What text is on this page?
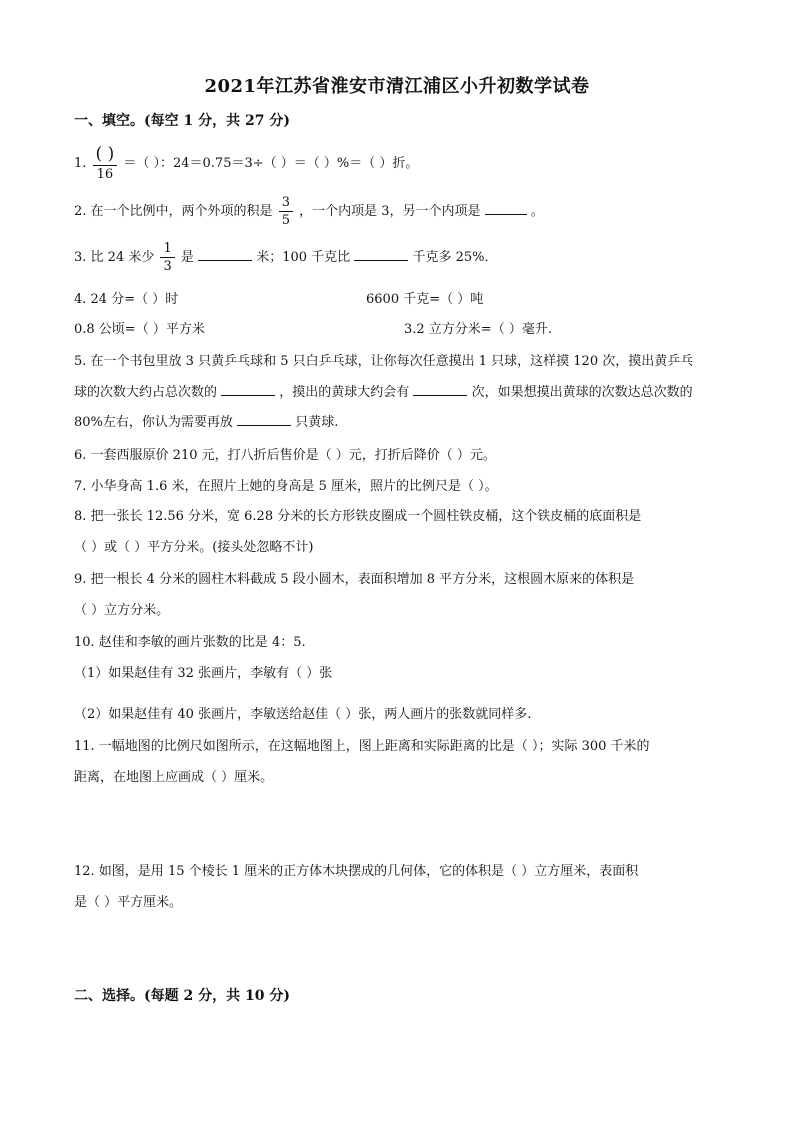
2021年江苏省淮安市清江浦区小升初数学试卷
一、填空。(每空 1 分，共 27 分)
1. $\frac{( )}{16}$ ＝（ ）：24＝0.75＝3÷（ ）＝（ ）%＝（ ）折。
2. 在一个比例中，两个外项的积是 $\frac{3}{5}$ ，一个内项是 3，另一个内项是	。
3. 比 24 米少 $\frac{1}{3}$ 是	米；100 千克比	千克多 25%．
4. 24 分=（ ）时	6600 千克=（ ）吨
0.8 公顷=（ ）平方米	3.2 立方分米=（ ）毫升.
5. 在一个书包里放 3 只黄乒乓球和 5 只白乒乓球，让你每次任意摸出 1 只球，这样摸 120 次，摸出黄乒乓
球的次数大约占总次数的	，摸出的黄球大约会有	次，如果想摸出黄球的次数达总次数的
80%左右，你认为需要再放	只黄球.
6. 一套西服原价 210 元，打八折后售价是（ ）元，打折后降价（ ）元。
7. 小华身高 1.6 米，在照片上她的身高是 5 厘米，照片的比例尺是（ ）。
8. 把一张长 12.56 分米，宽 6.28 分米的长方形铁皮圈成一个圆柱铁皮桶，这个铁皮桶的底面积是
（ ）或（ ）平方分米。(接头处忽略不计)
9. 把一根长 4 分米的圆柱木料截成 5 段小圆木，表面积增加 8 平方分米，这根圆木原来的体积是
（ ）立方分米。
10. 赵佳和李敏的画片张数的比是 4：5.
（1）如果赵佳有 32 张画片，李敏有（ ）张
（2）如果赵佳有 40 张画片，李敏送给赵佳（ ）张，两人画片的张数就同样多.
11. 一幅地图的比例尺如图所示，在这幅地图上，图上距离和实际距离的比是（ ）；实际 300 千米的
距离，在地图上应画成（ ）厘米。
12. 如图，是用 15 个棱长 1 厘米的正方体木块摆成的几何体，它的体积是（ ）立方厘米，表面积
是（ ）平方厘米。
二、选择。(每题 2 分，共 10 分)
